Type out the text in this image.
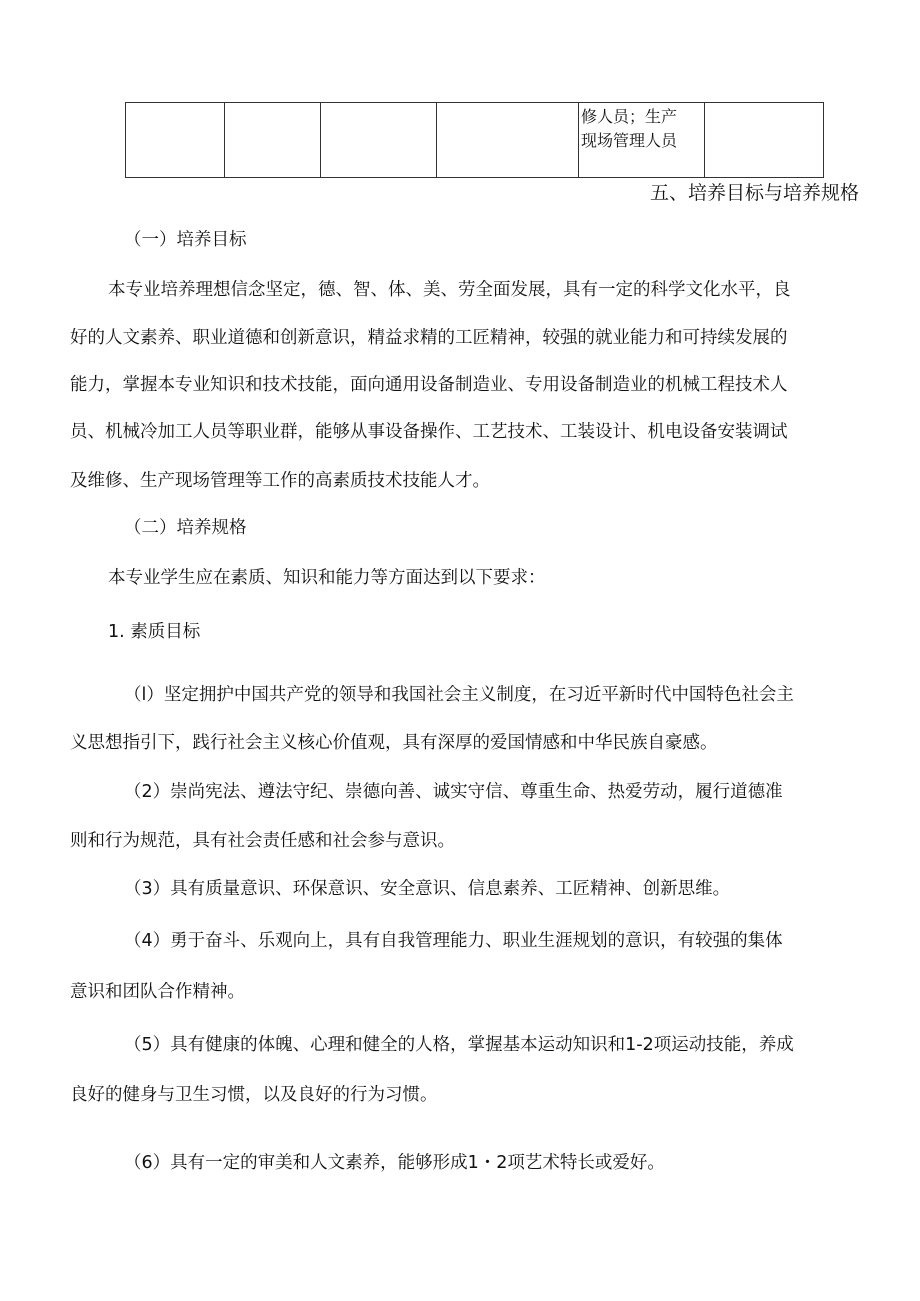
修人员；生产
现场管理人员

五、培养目标与培养规格
（一）培养目标
本专业培养理想信念坚定，德、智、体、美、劳全面发展，具有一定的科学文化水平，良
好的人文素养、职业道德和创新意识，精益求精的工匠精神，较强的就业能力和可持续发展的
能力，掌握本专业知识和技术技能，面向通用设备制造业、专用设备制造业的机械工程技术人
员、机械冷加工人员等职业群，能够从事设备操作、工艺技术、工装设计、机电设备安装调试
及维修、生产现场管理等工作的高素质技术技能人才。
（二）培养规格
本专业学生应在素质、知识和能力等方面达到以下要求：
1. 素质目标
（l）坚定拥护中国共产党的领导和我国社会主义制度，在习近平新时代中国特色社会主
义思想指引下，践行社会主义核心价值观，具有深厚的爱国情感和中华民族自豪感。
（2）崇尚宪法、遵法守纪、崇德向善、诚实守信、尊重生命、热爱劳动，履行道德准
则和行为规范，具有社会责任感和社会参与意识。
（3）具有质量意识、环保意识、安全意识、信息素养、工匠精神、创新思维。
（4）勇于奋斗、乐观向上，具有自我管理能力、职业生涯规划的意识，有较强的集体
意识和团队合作精神。
（5）具有健康的体魄、心理和健全的人格，掌握基本运动知识和1-2项运动技能，养成
良好的健身与卫生习惯，以及良好的行为习惯。
（6）具有一定的审美和人文素养，能够形成1・2项艺术特长或爱好。
